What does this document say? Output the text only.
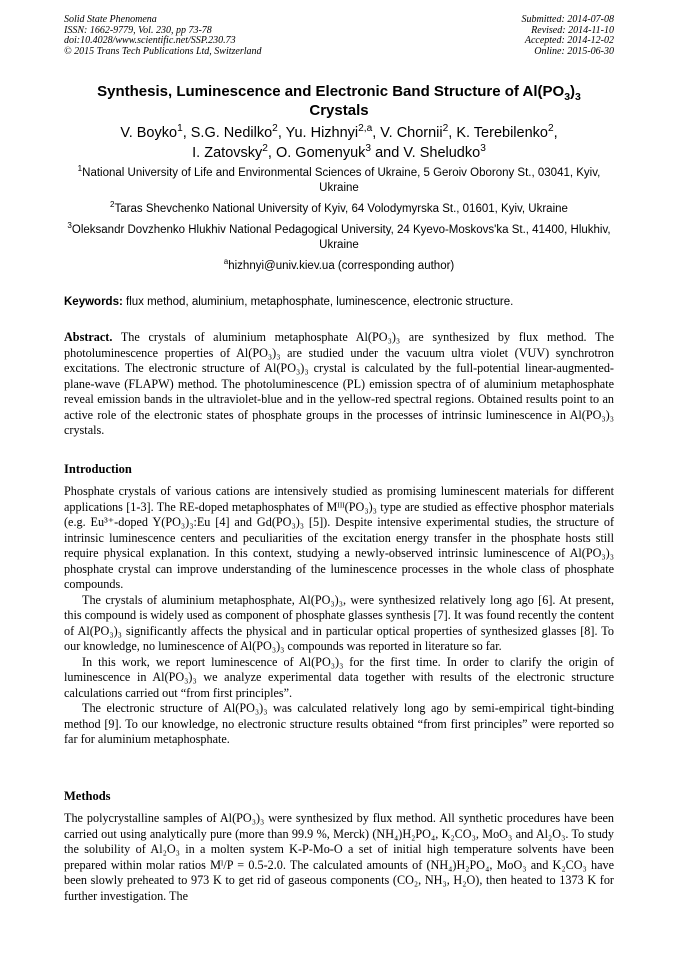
Solid State Phenomena
ISSN: 1662-9779, Vol. 230, pp 73-78
doi:10.4028/www.scientific.net/SSP.230.73
© 2015 Trans Tech Publications Ltd, Switzerland
Submitted: 2014-07-08
Revised: 2014-11-10
Accepted: 2014-12-02
Online: 2015-06-30
Synthesis, Luminescence and Electronic Band Structure of $Al(PO_3)_3$
Crystals
V. Boyko$^1$, S.G. Nedilko$^2$, Yu. Hizhnyi$^{2,a}$, V. Chornii$^2$, K. Terebilenko$^2$,
I. Zatovsky$^2$, O. Gomenyuk$^3$ and V. Sheludko$^3$

$^1$National University of Life and Environmental Sciences of Ukraine, 5 Geroiv Oborony St., 03041, Kyiv, Ukraine

$^2$Taras Shevchenko National University of Kyiv, 64 Volodymyrska St., 01601, Kyiv, Ukraine

$^3$Oleksandr Dovzhenko Hlukhiv National Pedagogical University, 24 Kyevo-Moskovs'ka St., 41400, Hlukhiv, Ukraine

$^a$hizhnyi@univ.kiev.ua (corresponding author)

Keywords: flux method, aluminium, metaphosphate, luminescence, electronic structure.

Abstract. The crystals of aluminium metaphosphate Al(PO₃)₃ are synthesized by flux method. The photoluminescence properties of Al(PO₃)₃ are studied under the vacuum ultra violet (VUV) synchrotron excitations. The electronic structure of Al(PO₃)₃ crystal is calculated by the full-potential linear-augmented-plane-wave (FLAPW) method. The photoluminescence (PL) emission spectra of of aluminium metaphosphate reveal emission bands in the ultraviolet-blue and in the yellow-red spectral regions. Obtained results point to an active role of the electronic states of phosphate groups in the processes of intrinsic luminescence in Al(PO₃)₃ crystals.

Introduction

Phosphate crystals of various cations are intensively studied as promising luminescent materials for different applications [1-3]. The RE-doped metaphosphates of Mᴵᴵᴵ(PO₃)₃ type are studied as effective phosphor materials (e.g. Eu³⁺-doped Y(PO₃)₃:Eu [4] and Gd(PO₃)₃ [5]). Despite intensive experimental studies, the structure of intrinsic luminescence centers and peculiarities of the excitation energy transfer in the phosphate hosts still require physical explanation. In this context, studying a newly-observed intrinsic luminescence of Al(PO₃)₃ phosphate crystal can improve understanding of the luminescence processes in the whole class of phosphate compounds.

The crystals of aluminium metaphosphate, Al(PO₃)₃, were synthesized relatively long ago [6]. At present, this compound is widely used as component of phosphate glasses synthesis [7]. It was found recently the content of Al(PO₃)₃ significantly affects the physical and in particular optical properties of synthesized glasses [8]. To our knowledge, no luminescence of Al(PO₃)₃ compounds was reported in literature so far.

In this work, we report luminescence of Al(PO₃)₃ for the first time. In order to clarify the origin of luminescence in Al(PO₃)₃ we analyze experimental data together with results of the electronic structure calculations carried out “from first principles”.

The electronic structure of Al(PO₃)₃ was calculated relatively long ago by semi-empirical tight-binding method [9]. To our knowledge, no electronic structure results obtained “from first principles” were reported so far for aluminium metaphosphate.

Methods

The polycrystalline samples of Al(PO₃)₃ were synthesized by flux method. All synthetic procedures have been carried out using analytically pure (more than 99.9 %, Merck) (NH₄)H₂PO₄, K₂CO₃, MoO₃ and Al₂O₃. To study the solubility of Al₂O₃ in a molten system K-P-Mo-O a set of initial high temperature solvents have been prepared within molar ratios Mᴵ/P = 0.5-2.0. The calculated amounts of (NH₄)H₂PO₄, MoO₃ and K₂CO₃ have been slowly preheated to 973 K to get rid of gaseous components (CO₂, NH₃, H₂O), then heated to 1373 K for further investigation. The
